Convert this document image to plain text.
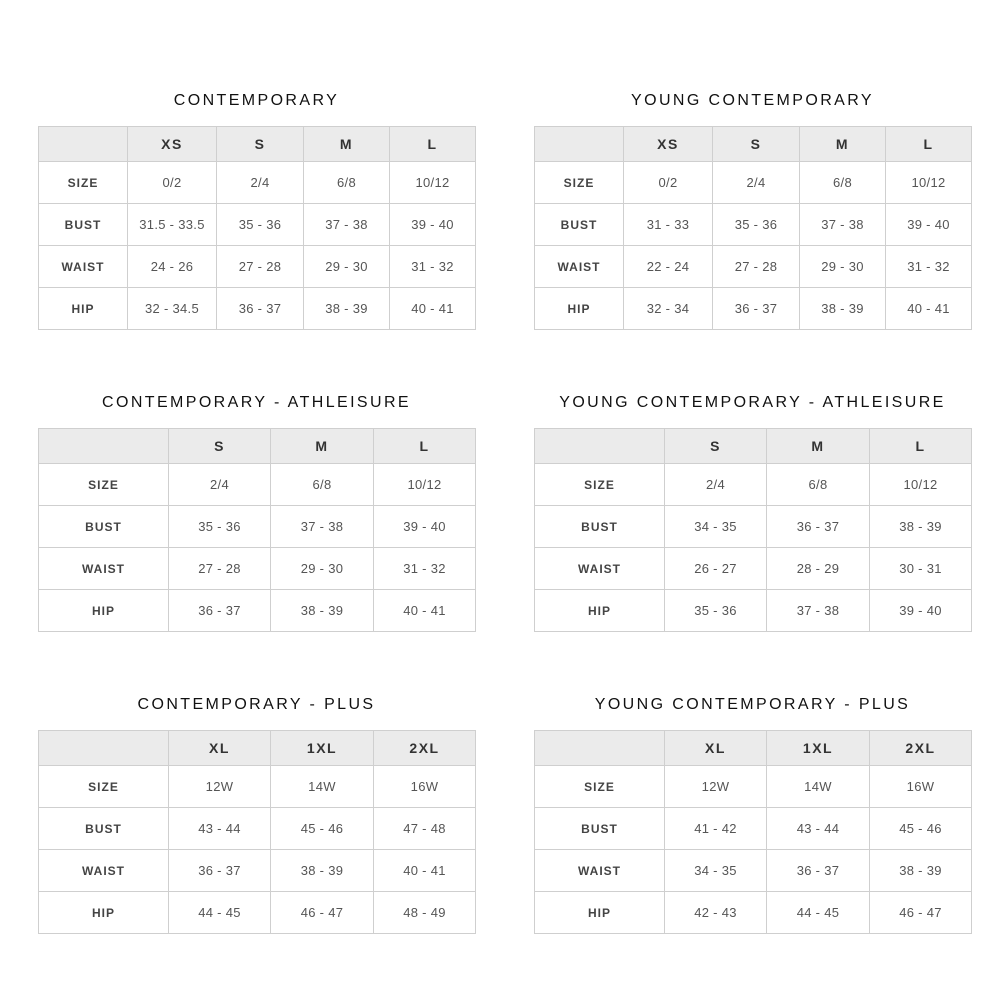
CONTEMPORARY
	XS	S	M	L
SIZE	0/2	2/4	6/8	10/12
BUST	31.5 - 33.5	35 - 36	37 - 38	39 - 40
WAIST	24 - 26	27 - 28	29 - 30	31 - 32
HIP	32 - 34.5	36 - 37	38 - 39	40 - 41
YOUNG CONTEMPORARY
	XS	S	M	L
SIZE	0/2	2/4	6/8	10/12
BUST	31 - 33	35 - 36	37 - 38	39 - 40
WAIST	22 - 24	27 - 28	29 - 30	31 - 32
HIP	32 - 34	36 - 37	38 - 39	40 - 41
CONTEMPORARY - ATHLEISURE
	S	M	L
SIZE	2/4	6/8	10/12
BUST	35 - 36	37 - 38	39 - 40
WAIST	27 - 28	29 - 30	31 - 32
HIP	36 - 37	38 - 39	40 - 41
YOUNG CONTEMPORARY - ATHLEISURE
	S	M	L
SIZE	2/4	6/8	10/12
BUST	34 - 35	36 - 37	38 - 39
WAIST	26 - 27	28 - 29	30 - 31
HIP	35 - 36	37 - 38	39 - 40
CONTEMPORARY - PLUS
	XL	1XL	2XL
SIZE	12W	14W	16W
BUST	43 - 44	45 - 46	47 - 48
WAIST	36 - 37	38 - 39	40 - 41
HIP	44 - 45	46 - 47	48 - 49
YOUNG CONTEMPORARY - PLUS
	XL	1XL	2XL
SIZE	12W	14W	16W
BUST	41 - 42	43 - 44	45 - 46
WAIST	34 - 35	36 - 37	38 - 39
HIP	42 - 43	44 - 45	46 - 47
